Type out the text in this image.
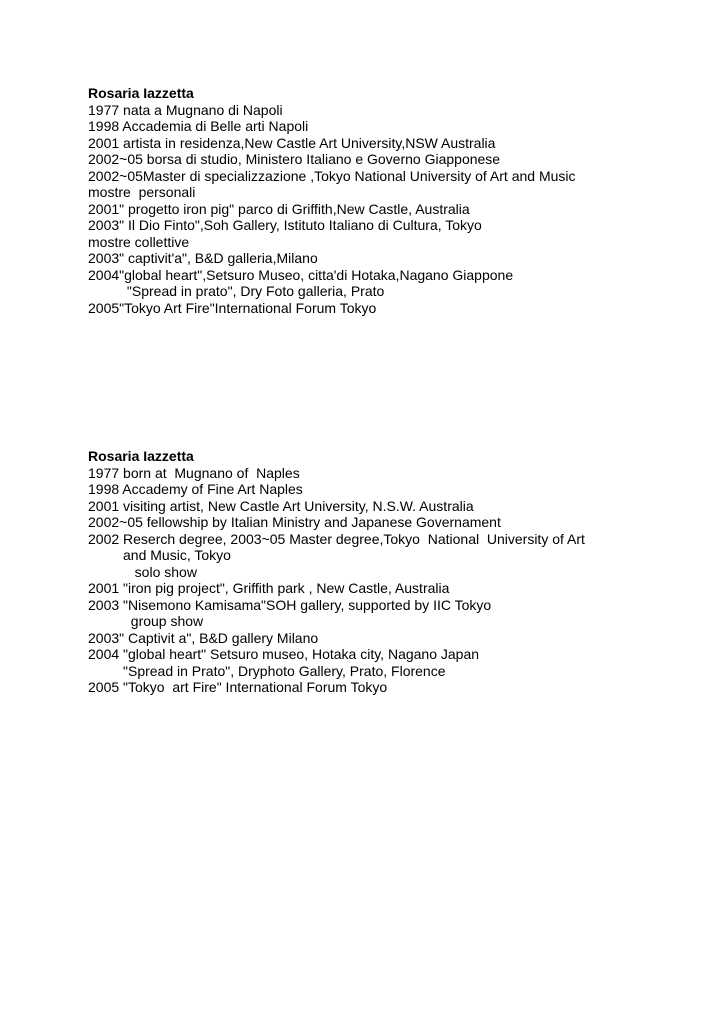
Rosaria Iazzetta

1977 nata a Mugnano di Napoli

1998 Accademia di Belle arti Napoli

2001 artista in residenza,New Castle Art University,NSW Australia

2002~05 borsa di studio, Ministero Italiano e Governo Giapponese

2002~05Master di specializzazione ,Tokyo National University of Art and Music

mostre  personali

2001" progetto iron pig" parco di Griffith,New Castle, Australia

2003" Il Dio Finto",Soh Gallery, Istituto Italiano di Cultura, Tokyo

mostre collettive

2003" captivit'a", B&D galleria,Milano

2004"global heart",Setsuro Museo, citta'di Hotaka,Nagano Giappone

"Spread in prato", Dry Foto galleria, Prato

2005"Tokyo Art Fire"International Forum Tokyo

Rosaria Iazzetta

1977 born at  Mugnano of  Naples

1998 Accademy of Fine Art Naples

2001 visiting artist, New Castle Art University, N.S.W. Australia

2002~05 fellowship by Italian Ministry and Japanese Governament

2002 Reserch degree, 2003~05 Master degree,Tokyo  National  University of Art

and Music, Tokyo

solo show

2001 "iron pig project", Griffith park , New Castle, Australia

2003 "Nisemono Kamisama"SOH gallery, supported by IIC Tokyo

group show

2003" Captivit a", B&D gallery Milano

2004 "global heart" Setsuro museo, Hotaka city, Nagano Japan

"Spread in Prato", Dryphoto Gallery, Prato, Florence

2005 "Tokyo  art Fire" International Forum Tokyo
